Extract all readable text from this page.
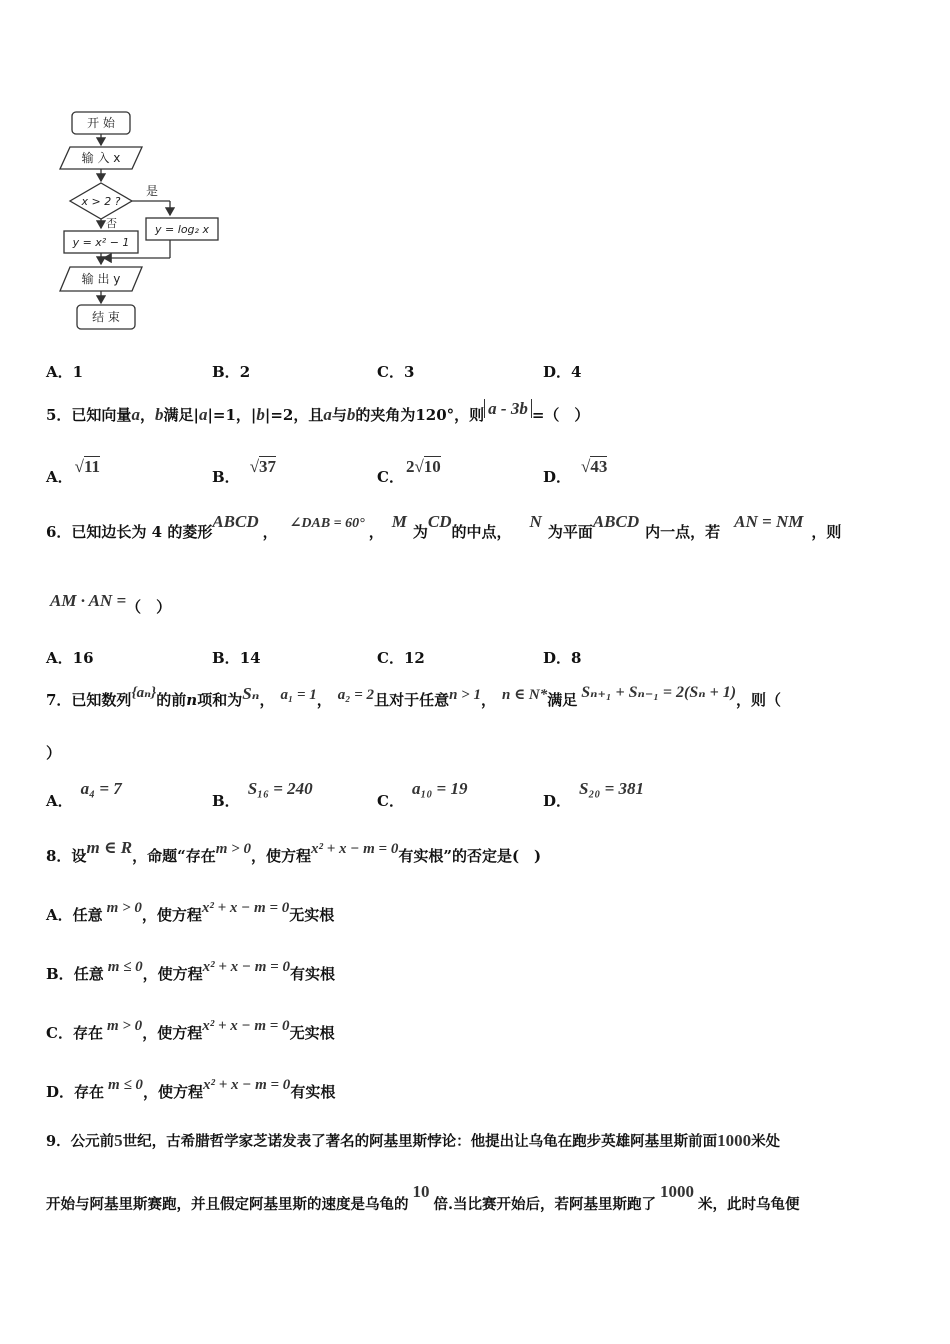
开 始
输 入 x
x > 2 ?
是
否
y = x² − 1
y = log₂ x
输 出 y
结 束
A．1	B．2	C．3	D．4
5．已知向量a，b满足|a|=1，|b|=2，且a与b的夹角为120°，则 a - 3b =（　）
A．√11
B．√37
C．2√10
D．√43
6．已知边长为 4 的菱形ABCD， ∠DAB = 60° ，M为CD的中点，N为平面ABCD内一点，若AN = NM，则
AM · AN =（　）
A．16	B．14	C．12	D．8
7．已知数列{aₙ}的前n项和为Sₙ， a₁ = 1， a₂ = 2且对于任意n > 1， n ∈ N*满足 Sₙ₊₁ + Sₙ₋₁ = 2(Sₙ + 1)，则（
）
A．a₄ = 7
B．S₁₆ = 240
C．a₁₀ = 19
D．S₂₀ = 381
8．设m ∈ R，命题“存在m > 0，使方程x² + x − m = 0有实根”的否定是(　)
A．任意 m > 0，使方程x² + x − m = 0无实根
B．任意 m ≤ 0，使方程x² + x − m = 0有实根
C．存在 m > 0，使方程x² + x − m = 0无实根
D．存在 m ≤ 0，使方程x² + x − m = 0有实根
9．公元前5世纪，古希腊哲学家芝诺发表了著名的阿基里斯悖论：他提出让乌龟在跑步英雄阿基里斯前面1000米处
开始与阿基里斯赛跑，并且假定阿基里斯的速度是乌龟的10倍.当比赛开始后，若阿基里斯跑了1000米，此时乌龟便
